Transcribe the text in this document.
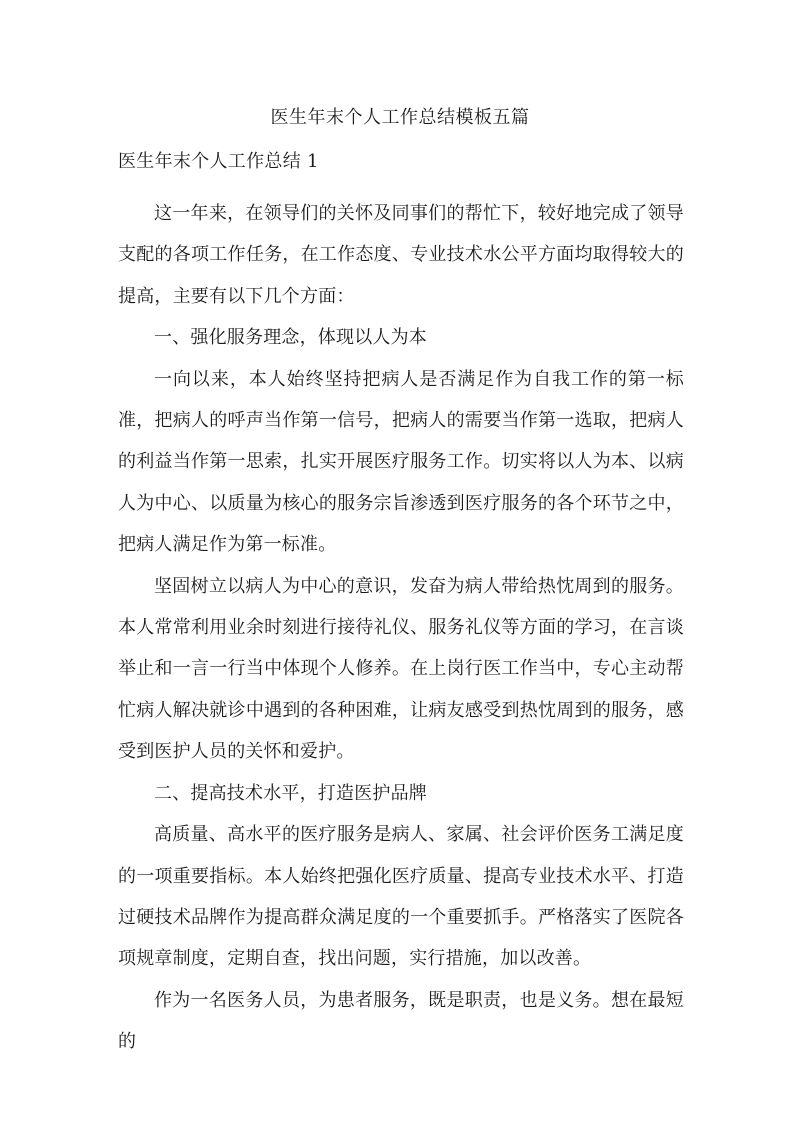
医生年末个人工作总结模板五篇
医生年末个人工作总结 1

这一年来，在领导们的关怀及同事们的帮忙下，较好地完成了领导支配的各项工作任务，在工作态度、专业技术水公平方面均取得较大的提高，主要有以下几个方面：

一、强化服务理念，体现以人为本

一向以来，本人始终坚持把病人是否满足作为自我工作的第一标准，把病人的呼声当作第一信号，把病人的需要当作第一选取，把病人的利益当作第一思索，扎实开展医疗服务工作。切实将以人为本、以病人为中心、以质量为核心的服务宗旨渗透到医疗服务的各个环节之中，把病人满足作为第一标准。

坚固树立以病人为中心的意识，发奋为病人带给热忱周到的服务。本人常常利用业余时刻进行接待礼仪、服务礼仪等方面的学习，在言谈举止和一言一行当中体现个人修养。在上岗行医工作当中，专心主动帮忙病人解决就诊中遇到的各种困难，让病友感受到热忱周到的服务，感受到医护人员的关怀和爱护。

二、提高技术水平，打造医护品牌

高质量、高水平的医疗服务是病人、家属、社会评价医务工满足度的一项重要指标。本人始终把强化医疗质量、提高专业技术水平、打造过硬技术品牌作为提高群众满足度的一个重要抓手。严格落实了医院各项规章制度，定期自查，找出问题，实行措施，加以改善。

作为一名医务人员，为患者服务，既是职责，也是义务。想在最短的
